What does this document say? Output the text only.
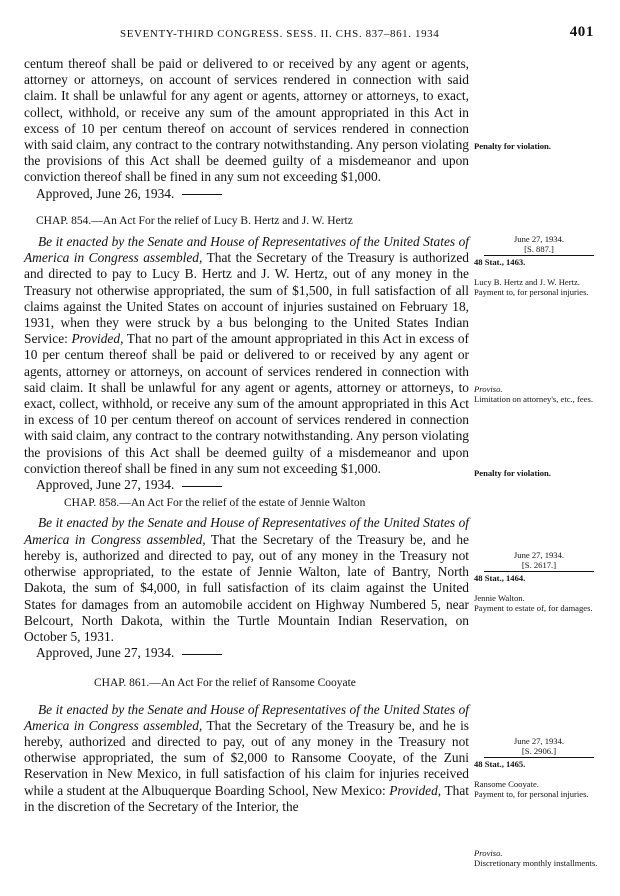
SEVENTY-THIRD CONGRESS. SESS. II. CHS. 837–861. 1934	401

centum thereof shall be paid or delivered to or received by any agent or agents, attorney or attorneys, on account of services rendered in connection with said claim. It shall be unlawful for any agent or agents, attorney or attorneys, to exact, collect, withhold, or receive any sum of the amount appropriated in this Act in excess of 10 per centum thereof on account of services rendered in connection with said claim, any contract to the contrary notwithstanding. Any person violating the provisions of this Act shall be deemed guilty of a misdemeanor and upon conviction thereof shall be fined in any sum not exceeding $1,000.

Approved, June 26, 1934.

CHAP. 854.—An Act For the relief of Lucy B. Hertz and J. W. Hertz

Be it enacted by the Senate and House of Representatives of the United States of America in Congress assembled, That the Secretary of the Treasury is authorized and directed to pay to Lucy B. Hertz and J. W. Hertz, out of any money in the Treasury not otherwise appropriated, the sum of $1,500, in full satisfaction of all claims against the United States on account of injuries sustained on February 18, 1931, when they were struck by a bus belonging to the United States Indian Service: Provided, That no part of the amount appropriated in this Act in excess of 10 per centum thereof shall be paid or delivered to or received by any agent or agents, attorney or attorneys, on account of services rendered in connection with said claim. It shall be unlawful for any agent or agents, attorney or attorneys, to exact, collect, withhold, or receive any sum of the amount appropriated in this Act in excess of 10 per centum thereof on account of services rendered in connection with said claim, any contract to the contrary notwithstanding. Any person violating the provisions of this Act shall be deemed guilty of a misdemeanor and upon conviction thereof shall be fined in any sum not exceeding $1,000.

Approved, June 27, 1934.

CHAP. 858.—An Act For the relief of the estate of Jennie Walton

Be it enacted by the Senate and House of Representatives of the United States of America in Congress assembled, That the Secretary of the Treasury be, and he hereby is, authorized and directed to pay, out of any money in the Treasury not otherwise appropriated, to the estate of Jennie Walton, late of Bantry, North Dakota, the sum of $4,000, in full satisfaction of its claim against the United States for damages from an automobile accident on Highway Numbered 5, near Belcourt, North Dakota, within the Turtle Mountain Indian Reservation, on October 5, 1931.

Approved, June 27, 1934.

CHAP. 861.—An Act For the relief of Ransome Cooyate

Be it enacted by the Senate and House of Representatives of the United States of America in Congress assembled, That the Secretary of the Treasury be, and he is hereby, authorized and directed to pay, out of any money in the Treasury not otherwise appropriated, the sum of $2,000 to Ransome Cooyate, of the Zuni Reservation in New Mexico, in full satisfaction of his claim for injuries received while a student at the Albuquerque Boarding School, New Mexico: Provided, That in the discretion of the Secretary of the Interior, the

Penalty for violation.
June 27, 1934.
[S. 887.]
48 Stat., 1463.

Lucy B. Hertz and J. W. Hertz.
Payment to, for personal injuries.
Proviso.
Limitation on attorney's, etc., fees.
Penalty for violation.
June 27, 1934.
[S. 2617.]
48 Stat., 1464.

Jennie Walton.
Payment to estate of, for damages.
June 27, 1934.
[S. 2906.]
48 Stat., 1465.

Ransome Cooyate.
Payment to, for personal injuries.
Proviso.
Discretionary monthly installments.
